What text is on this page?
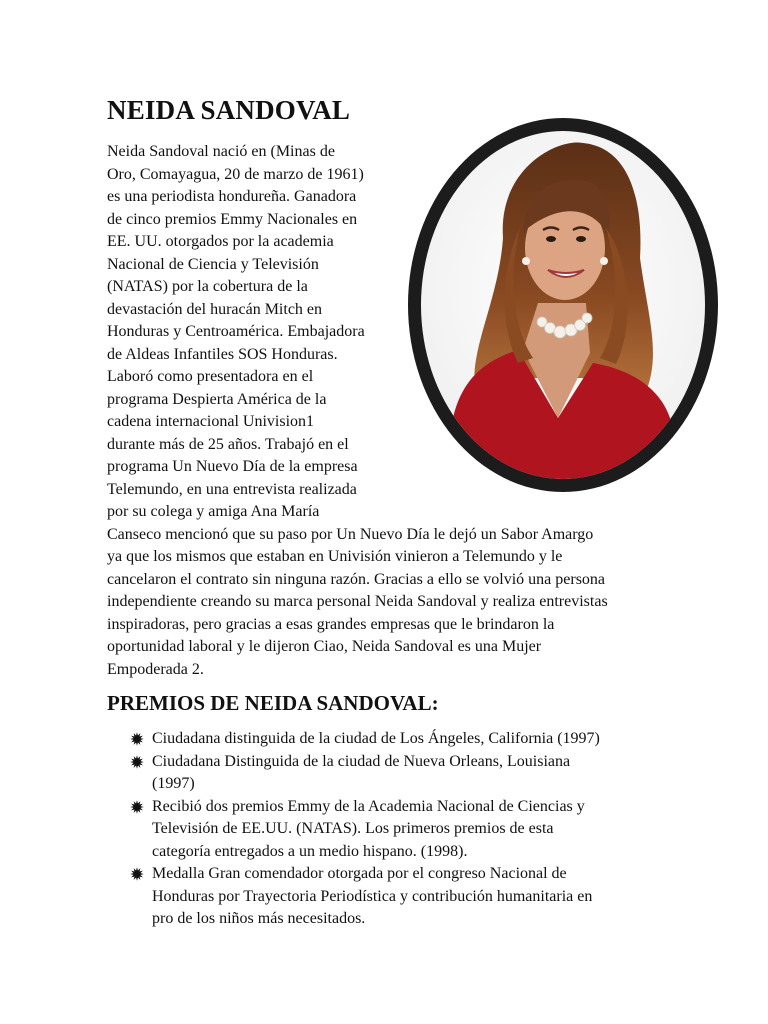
NEIDA SANDOVAL

Neida Sandoval nació en (Minas de
Oro, Comayagua, 20 de marzo de 1961)
es una periodista hondureña. Ganadora
de cinco premios Emmy Nacionales en
EE. UU. otorgados por la academia
Nacional de Ciencia y Televisión
(NATAS) por la cobertura de la
devastación del huracán Mitch en
Honduras y Centroamérica. Embajadora
de Aldeas Infantiles SOS Honduras.
Laboró como presentadora en el
programa Despierta América de la
cadena internacional Univision1
durante más de 25 años. Trabajó en el
programa Un Nuevo Día de la empresa
Telemundo, en una entrevista realizada
por su colega y amiga Ana María
Canseco mencionó que su paso por Un Nuevo Día le dejó un Sabor Amargo
ya que los mismos que estaban en Univisión vinieron a Telemundo y le
cancelaron el contrato sin ninguna razón. Gracias a ello se volvió una persona
independiente creando su marca personal Neida Sandoval y realiza entrevistas
inspiradoras, pero gracias a esas grandes empresas que le brindaron la
oportunidad laboral y le dijeron Ciao, Neida Sandoval es una Mujer
Empoderada 2.

PREMIOS DE NEIDA SANDOVAL:
Ciudadana distinguida de la ciudad de Los Ángeles, California (1997)
Ciudadana Distinguida de la ciudad de Nueva Orleans, Louisiana
(1997)
Recibió dos premios Emmy de la Academia Nacional de Ciencias y
Televisión de EE.UU. (NATAS). Los primeros premios de esta
categoría entregados a un medio hispano. (1998).
Medalla Gran comendador otorgada por el congreso Nacional de
Honduras por Trayectoria Periodística y contribución humanitaria en
pro de los niños más necesitados.
